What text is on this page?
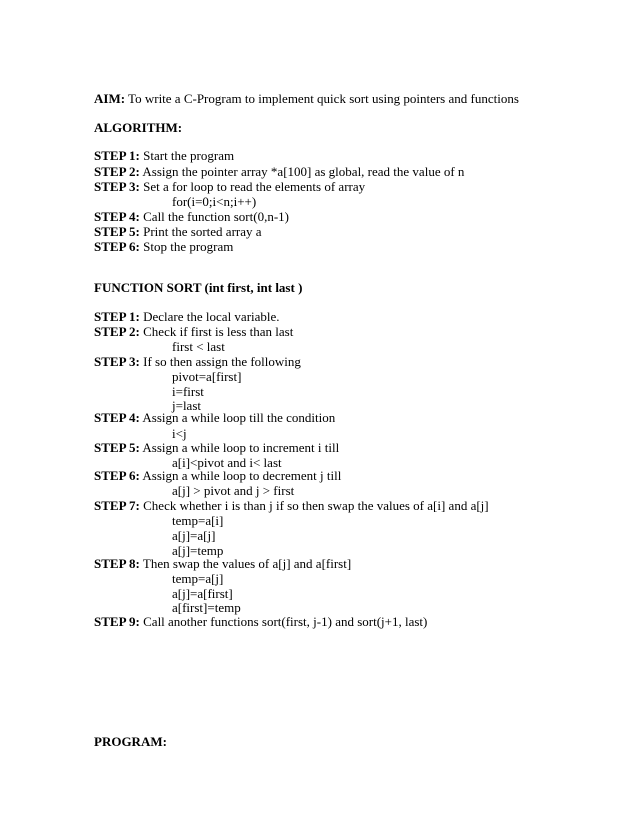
AIM: To write a C-Program to implement quick sort using pointers and functions
ALGORITHM:
STEP 1: Start the program
STEP 2: Assign the pointer array *a[100] as global, read the value of n
STEP 3: Set a for loop to read the elements of array
for(i=0;i<n;i++)
STEP 4: Call the function sort(0,n-1)
STEP 5: Print the sorted array a
STEP 6: Stop the program
FUNCTION SORT (int first, int last )
STEP 1: Declare the local variable.
STEP 2: Check if first is less than last
first < last
STEP 3: If so then assign the following
pivot=a[first]
i=first
j=last
STEP 4: Assign a while loop till the condition
i<j
STEP 5: Assign a while loop to increment i till
a[i]<pivot and i< last
STEP 6: Assign a while loop to decrement j till
a[j] > pivot and j > first
STEP 7: Check whether i is than j if so then swap the values of a[i] and a[j]
temp=a[i]
a[j]=a[j]
a[j]=temp
STEP 8: Then swap the values of a[j] and a[first]
temp=a[j]
a[j]=a[first]
a[first]=temp
STEP 9: Call another functions sort(first, j-1) and sort(j+1, last)
PROGRAM:
